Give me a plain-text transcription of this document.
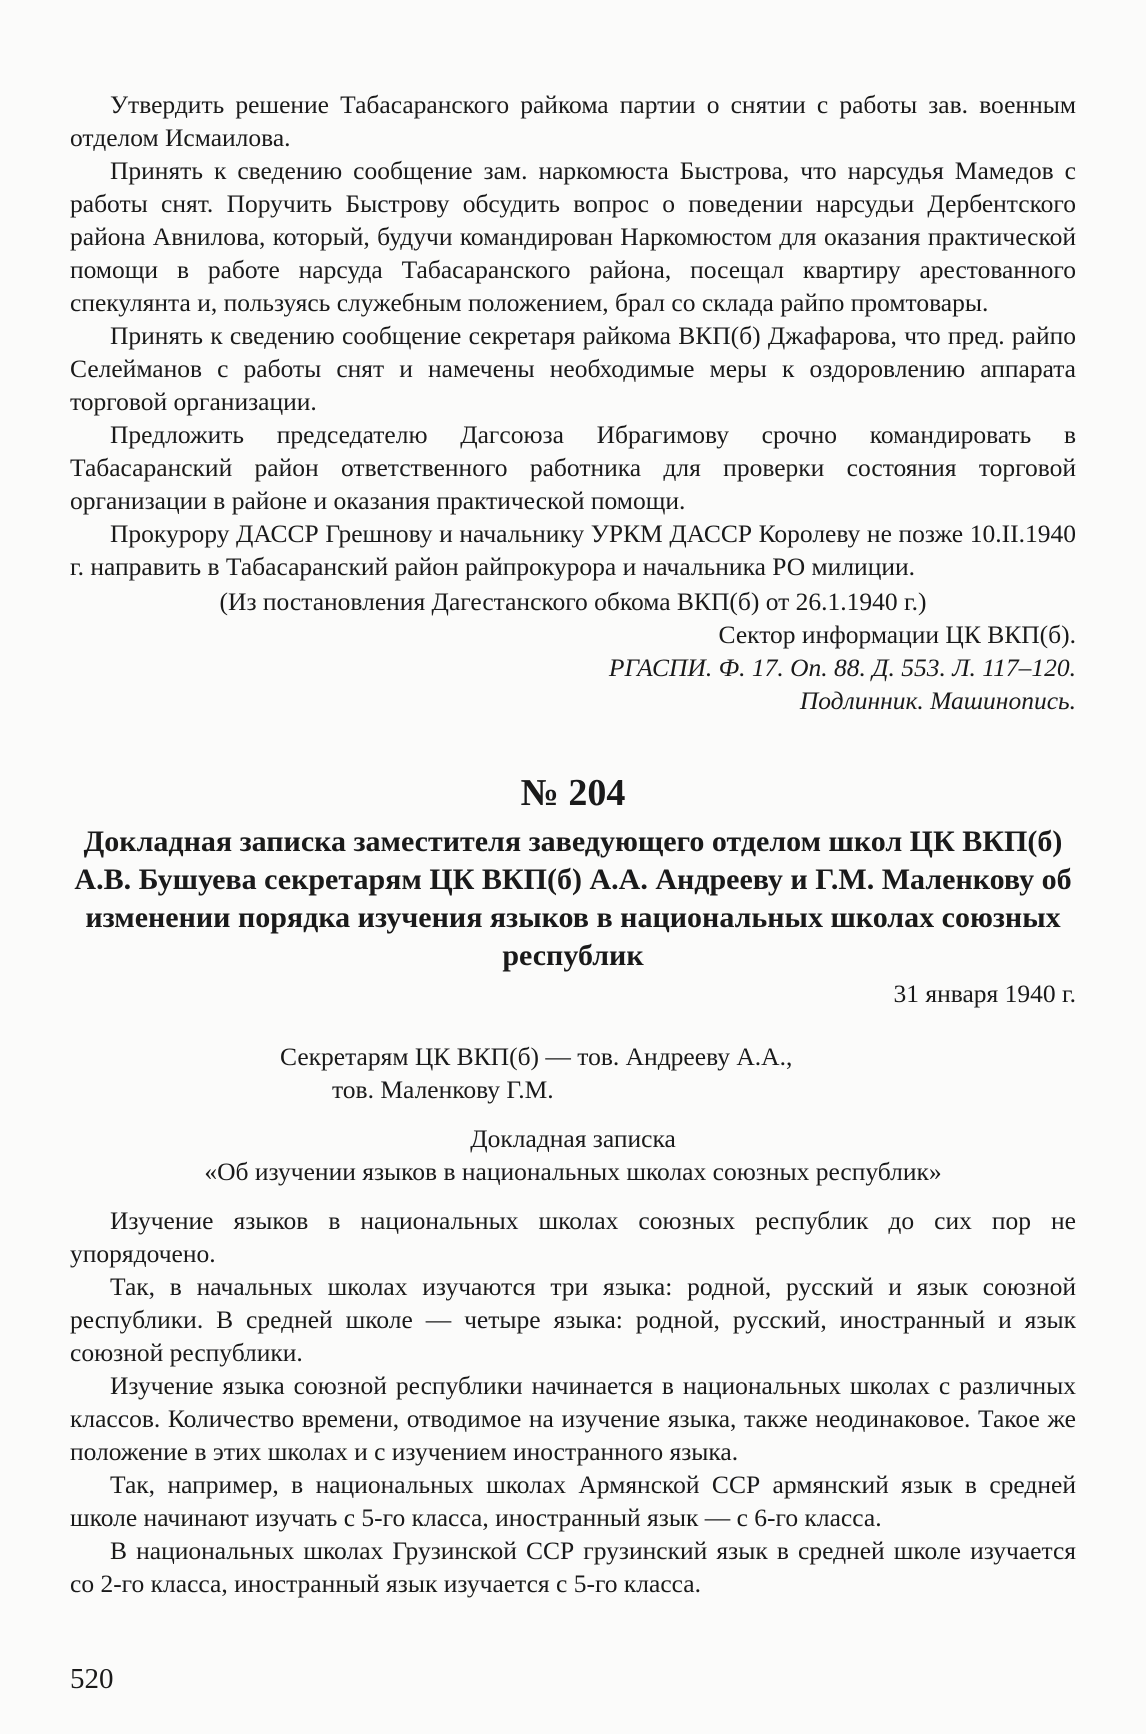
Утвердить решение Табасаранского райкома партии о снятии с работы зав. военным отделом Исмаилова.

Принять к сведению сообщение зам. наркомюста Быстрова, что нарсудья Мамедов с работы снят. Поручить Быстрову обсудить вопрос о поведении нарсудьи Дербентского района Авнилова, который, будучи командирован Наркомюстом для оказания практической помощи в работе нарсуда Табасаранского района, посещал квартиру арестованного спекулянта и, пользуясь служебным положением, брал со склада райпо промтовары.

Принять к сведению сообщение секретаря райкома ВКП(б) Джафарова, что пред. райпо Селейманов с работы снят и намечены необходимые меры к оздоровлению аппарата торговой организации.

Предложить председателю Дагсоюза Ибрагимову срочно командировать в Табасаранский район ответственного работника для проверки состояния торговой организации в районе и оказания практической помощи.

Прокурору ДАССР Грешнову и начальнику УРКМ ДАССР Королеву не позже 10.II.1940 г. направить в Табасаранский район райпрокурора и начальника РО милиции.

(Из постановления Дагестанского обкома ВКП(б) от 26.1.1940 г.)

Сектор информации ЦК ВКП(б).

РГАСПИ. Ф. 17. Оп. 88. Д. 553. Л. 117–120.

Подлинник. Машинопись.

№ 204
Докладная записка заместителя заведующего отделом школ ЦК ВКП(б) А.В. Бушуева секретарям ЦК ВКП(б) А.А. Андрееву и Г.М. Маленкову об изменении порядка изучения языков в национальных школах союзных республик

31 января 1940 г.

Секретарям ЦК ВКП(б) — тов. Андрееву А.А.,

тов. Маленкову Г.М.

Докладная записка

«Об изучении языков в национальных школах союзных республик»

Изучение языков в национальных школах союзных республик до сих пор не упорядочено.

Так, в начальных школах изучаются три языка: родной, русский и язык союзной республики. В средней школе — четыре языка: родной, русский, иностранный и язык союзной республики.

Изучение языка союзной республики начинается в национальных школах с различных классов. Количество времени, отводимое на изучение языка, также неодинаковое. Такое же положение в этих школах и с изучением иностранного языка.

Так, например, в национальных школах Армянской ССР армянский язык в средней школе начинают изучать с 5-го класса, иностранный язык — с 6-го класса.

В национальных школах Грузинской ССР грузинский язык в средней школе изучается со 2-го класса, иностранный язык изучается с 5-го класса.

520
